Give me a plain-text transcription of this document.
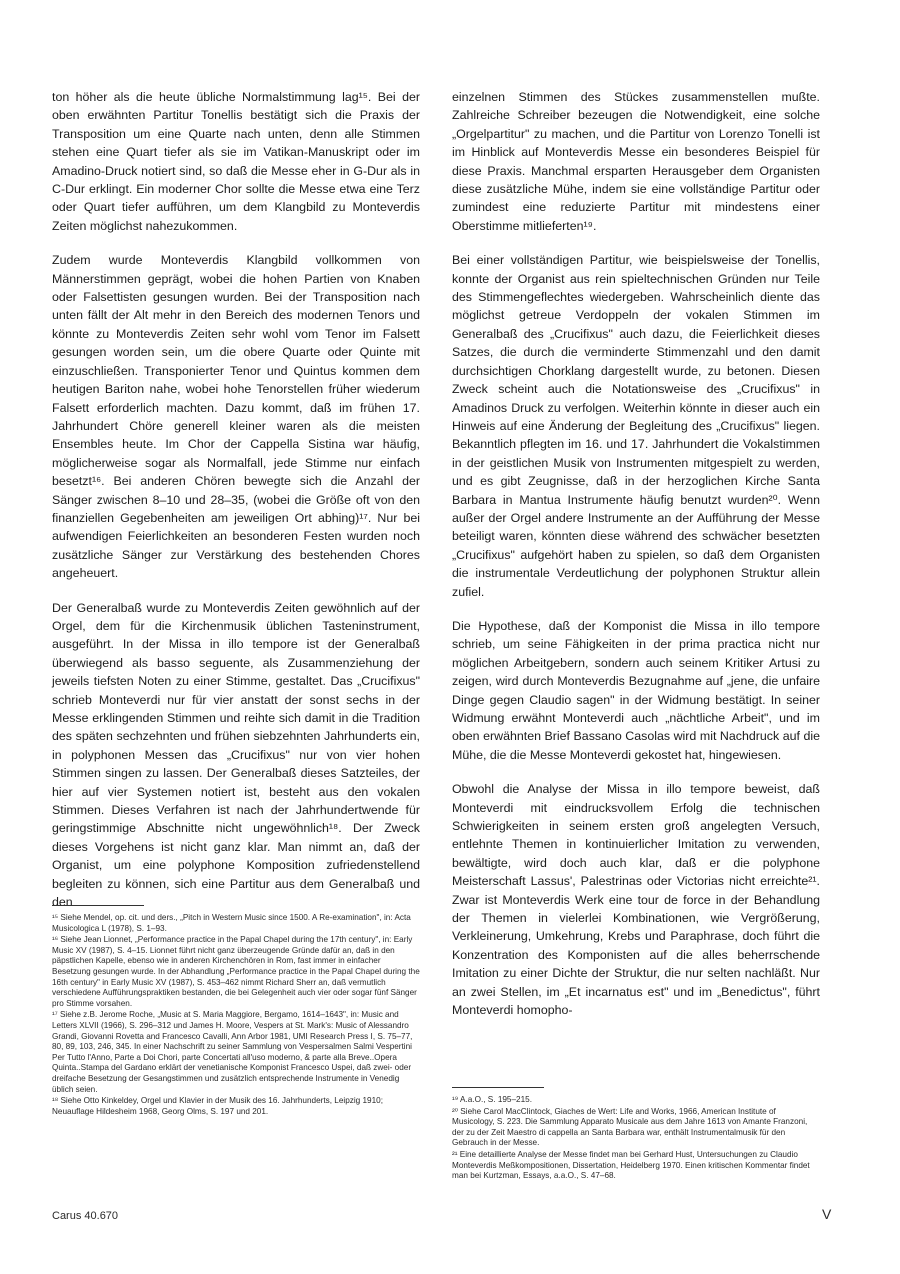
ton höher als die heute übliche Normalstimmung lag¹⁵. Bei der oben erwähnten Partitur Tonellis bestätigt sich die Praxis der Transposition um eine Quarte nach unten, denn alle Stimmen stehen eine Quart tiefer als sie im Vatikan-Manuskript oder im Amadino-Druck notiert sind, so daß die Messe eher in G-Dur als in C-Dur erklingt. Ein moderner Chor sollte die Messe etwa eine Terz oder Quart tiefer aufführen, um dem Klangbild zu Monteverdis Zeiten möglichst nahezukommen.

Zudem wurde Monteverdis Klangbild vollkommen von Männerstimmen geprägt, wobei die hohen Partien von Knaben oder Falsettisten gesungen wurden. Bei der Transposition nach unten fällt der Alt mehr in den Bereich des modernen Tenors und könnte zu Monteverdis Zeiten sehr wohl vom Tenor im Falsett gesungen worden sein, um die obere Quarte oder Quinte mit einzuschließen. Transponierter Tenor und Quintus kommen dem heutigen Bariton nahe, wobei hohe Tenorstellen früher wiederum Falsett erforderlich machten. Dazu kommt, daß im frühen 17. Jahrhundert Chöre generell kleiner waren als die meisten Ensembles heute. Im Chor der Cappella Sistina war häufig, möglicherweise sogar als Normalfall, jede Stimme nur einfach besetzt¹⁶. Bei anderen Chören bewegte sich die Anzahl der Sänger zwischen 8–10 und 28–35, (wobei die Größe oft von den finanziellen Gegebenheiten am jeweiligen Ort abhing)¹⁷. Nur bei aufwendigen Feierlichkeiten an besonderen Festen wurden noch zusätzliche Sänger zur Verstärkung des bestehenden Chores angeheuert.

Der Generalbaß wurde zu Monteverdis Zeiten gewöhnlich auf der Orgel, dem für die Kirchenmusik üblichen Tasteninstrument, ausgeführt. In der Missa in illo tempore ist der Generalbaß überwiegend als basso seguente, als Zusammenziehung der jeweils tiefsten Noten zu einer Stimme, gestaltet. Das „Crucifixus" schrieb Monteverdi nur für vier anstatt der sonst sechs in der Messe erklingenden Stimmen und reihte sich damit in die Tradition des späten sechzehnten und frühen siebzehnten Jahrhunderts ein, in polyphonen Messen das „Crucifixus" nur von vier hohen Stimmen singen zu lassen. Der Generalbaß dieses Satzteiles, der hier auf vier Systemen notiert ist, besteht aus den vokalen Stimmen. Dieses Verfahren ist nach der Jahrhundertwende für geringstimmige Abschnitte nicht ungewöhnlich¹⁸. Der Zweck dieses Vorgehens ist nicht ganz klar. Man nimmt an, daß der Organist, um eine polyphone Komposition zufriedenstellend begleiten zu können, sich eine Partitur aus dem Generalbaß und den

einzelnen Stimmen des Stückes zusammenstellen mußte. Zahlreiche Schreiber bezeugen die Notwendigkeit, eine solche „Orgelpartitur" zu machen, und die Partitur von Lorenzo Tonelli ist im Hinblick auf Monteverdis Messe ein besonderes Beispiel für diese Praxis. Manchmal ersparten Herausgeber dem Organisten diese zusätzliche Mühe, indem sie eine vollständige Partitur oder zumindest eine reduzierte Partitur mit mindestens einer Oberstimme mitlieferten¹⁹.

Bei einer vollständigen Partitur, wie beispielsweise der Tonellis, konnte der Organist aus rein spieltechnischen Gründen nur Teile des Stimmengeflechtes wiedergeben. Wahrscheinlich diente das möglichst getreue Verdoppeln der vokalen Stimmen im Generalbaß des „Crucifixus" auch dazu, die Feierlichkeit dieses Satzes, die durch die verminderte Stimmenzahl und den damit durchsichtigen Chorklang dargestellt wurde, zu betonen. Diesen Zweck scheint auch die Notationsweise des „Crucifixus" in Amadinos Druck zu verfolgen. Weiterhin könnte in dieser auch ein Hinweis auf eine Änderung der Begleitung des „Crucifixus" liegen. Bekanntlich pflegten im 16. und 17. Jahrhundert die Vokalstimmen in der geistlichen Musik von Instrumenten mitgespielt zu werden, und es gibt Zeugnisse, daß in der herzoglichen Kirche Santa Barbara in Mantua Instrumente häufig benutzt wurden²⁰. Wenn außer der Orgel andere Instrumente an der Aufführung der Messe beteiligt waren, könnten diese während des schwächer besetzten „Crucifixus" aufgehört haben zu spielen, so daß dem Organisten die instrumentale Verdeutlichung der polyphonen Struktur allein zufiel.

Die Hypothese, daß der Komponist die Missa in illo tempore schrieb, um seine Fähigkeiten in der prima practica nicht nur möglichen Arbeitgebern, sondern auch seinem Kritiker Artusi zu zeigen, wird durch Monteverdis Bezugnahme auf „jene, die unfaire Dinge gegen Claudio sagen" in der Widmung bestätigt. In seiner Widmung erwähnt Monteverdi auch „nächtliche Arbeit", und im oben erwähnten Brief Bassano Casolas wird mit Nachdruck auf die Mühe, die die Messe Monteverdi gekostet hat, hingewiesen.

Obwohl die Analyse der Missa in illo tempore beweist, daß Monteverdi mit eindrucksvollem Erfolg die technischen Schwierigkeiten in seinem ersten groß angelegten Versuch, entlehnte Themen in kontinuierlicher Imitation zu verwenden, bewältigte, wird doch auch klar, daß er die polyphone Meisterschaft Lassus', Palestrinas oder Victorias nicht erreichte²¹. Zwar ist Monteverdis Werk eine tour de force in der Behandlung der Themen in vielerlei Kombinationen, wie Vergrößerung, Verkleinerung, Umkehrung, Krebs und Paraphrase, doch führt die Konzentration des Komponisten auf die alles beherrschende Imitation zu einer Dichte der Struktur, die nur selten nachläßt. Nur an zwei Stellen, im „Et incarnatus est" und im „Benedictus", führt Monteverdi homopho-

¹⁵ Siehe Mendel, op. cit. und ders., „Pitch in Western Music since 1500. A Re-examination", in: Acta Musicologica L (1978), S. 1–93.
¹⁶ Siehe Jean Lionnet, „Performance practice in the Papal Chapel during the 17th century", in: Early Music XV (1987), S. 4–15. Lionnet führt nicht ganz überzeugende Gründe dafür an, daß in den päpstlichen Kapelle, ebenso wie in anderen Kirchenchören in Rom, fast immer in einfacher Besetzung gesungen wurde. In der Abhandlung „Performance practice in the Papal Chapel during the 16th century" in Early Music XV (1987), S. 453–462 nimmt Richard Sherr an, daß vermutlich verschiedene Aufführungspraktiken bestanden, die bei Gelegenheit auch vier oder sogar fünf Sänger pro Stimme vorsahen.
¹⁷ Siehe z.B. Jerome Roche, „Music at S. Maria Maggiore, Bergamo, 1614–1643", in: Music and Letters XLVII (1966), S. 296–312 und James H. Moore, Vespers at St. Mark's: Music of Alessandro Grandi, Giovanni Rovetta and Francesco Cavalli, Ann Arbor 1981, UMI Research Press I, S. 75–77, 80, 89, 103, 246, 345. In einer Nachschrift zu seiner Sammlung von Vespersalmen Salmi Vespertini Per Tutto l'Anno, Parte a Doi Chori, parte Concertati all'uso moderno, & parte alla Breve..Opera Quinta..Stampa del Gardano erklärt der venetianische Komponist Francesco Uspei, daß zwei- oder dreifache Besetzung der Gesangstimmen und zusätzlich entsprechende Instrumente in Venedig üblich seien.
¹⁸ Siehe Otto Kinkeldey, Orgel und Klavier in der Musik des 16. Jahrhunderts, Leipzig 1910; Neuauflage Hildesheim 1968, Georg Olms, S. 197 und 201.
¹⁹ A.a.O., S. 195–215.
²⁰ Siehe Carol MacClintock, Giaches de Wert: Life and Works, 1966, American Institute of Musicology, S. 223. Die Sammlung Apparato Musicale aus dem Jahre 1613 von Amante Franzoni, der zu der Zeit Maestro di cappella an Santa Barbara war, enthält Instrumentalmusik für den Gebrauch in der Messe.
²¹ Eine detaillierte Analyse der Messe findet man bei Gerhard Hust, Untersuchungen zu Claudio Monteverdis Meßkompositionen, Dissertation, Heidelberg 1970. Einen kritischen Kommentar findet man bei Kurtzman, Essays, a.a.O., S. 47–68.
Carus 40.670	V
